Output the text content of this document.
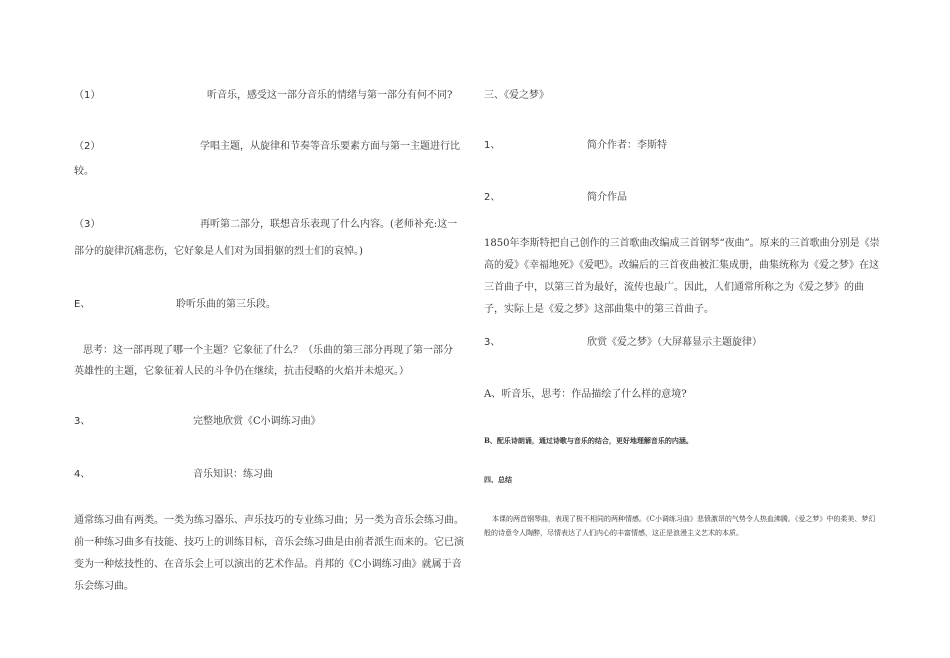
（1）	听音乐，感受这一部分音乐的情绪与第一部分有何不同?

（2）	学唱主题，从旋律和节奏等音乐要素方面与第一主题进行比

较。

（3）	再听第二部分，联想音乐表现了什么内容。(老师补充:这一

部分的旋律沉痛悲伤，它好象是人们对为国捐躯的烈士们的哀悼。)

E、	聆听乐曲的第三乐段。

思考：这一部再现了哪一个主题？它象征了什么？（乐曲的第三部分再现了第一部分

英雄性的主题，它象征着人民的斗争仍在继续，抗击侵略的火焰并未熄灭。）

3、	完整地欣赏《C小调练习曲》

4、	音乐知识：练习曲

通常练习曲有两类。一类为练习器乐、声乐技巧的专业练习曲；另一类为音乐会练习曲。前一种练习曲多有技能、技巧上的训练目标，音乐会练习曲是由前者派生而来的。它已演变为一种炫技性的、在音乐会上可以演出的艺术作品。肖邦的《C小调练习曲》就属于音乐会练习曲。

三、《爱之梦》

1、	简介作者：李斯特

2、	简介作品

1850年李斯特把自己创作的三首歌曲改编成三首钢琴“夜曲”。原来的三首歌曲分别是《崇高的爱》《幸福地死》《爱吧》。改编后的三首夜曲被汇集成册，曲集统称为《爱之梦》在这三首曲子中，以第三首为最好，流传也最广。因此，人们通常所称之为《爱之梦》的曲子，实际上是《爱之梦》这部曲集中的第三首曲子。

3、	欣赏《爱之梦》（大屏幕显示主题旋律）

A、听音乐，思考：作品描绘了什么样的意境?

B、配乐诗朗诵，通过诗歌与音乐的结合，更好地理解音乐的内涵。

四、总结

本课的两首钢琴曲，表现了极不相同的两种情感。《C小调练习曲》悲愤激昂的气势令人热血沸腾。《爱之梦》中的柔美、梦幻般的诗意令人陶醉，尽情表达了人们内心的丰富情感，这正是浪漫主义艺术的本质。
